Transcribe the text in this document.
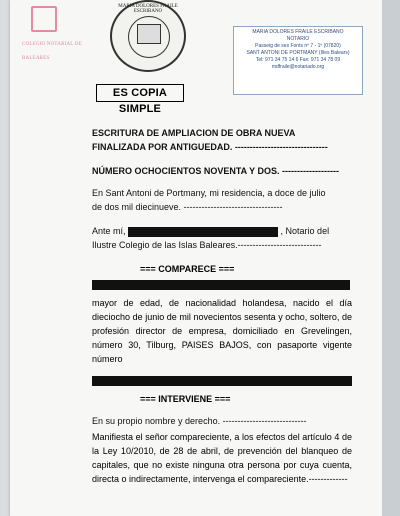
COLEGIO NOTARIAL DE BALEARES
MARIA DOLORES FRAILE ESCRIBANO
MARIA DOLORES FRAILE ESCRIBANO
NOTARIO
Passeig de ses Fonts nº 7 - 1º (07820)
SANT ANTONI DE PORTMANY (Illes Balears)
Tel: 971 34 75 14 6 Fax: 971 34 78 09
mdfraile@notariado.org
ES COPIA SIMPLE
ESCRITURA DE AMPLIACION DE OBRA NUEVA
FINALIZADA POR ANTIGUEDAD. -------------------------------
NÚMERO OCHOCIENTOS NOVENTA Y DOS. -------------------
En Sant Antoni de Portmany, mi residencia, a doce de julio
de dos mil diecinueve. ---------------------------------
Ante mí,	, Notario del
Ilustre Colegio de las Islas Baleares.----------------------------
=== COMPARECE ===
mayor de edad, de nacionalidad holandesa, nacido el día dieciocho de junio de mil novecientos sesenta y ocho, soltero, de profesión director de empresa, domiciliado en Grevelingen, número 30, Tilburg, PAISES BAJOS, con pasaporte vigente número
=== INTERVIENE ===
En su propio nombre y derecho. ----------------------------
Manifiesta el señor compareciente, a los efectos del artículo 4 de la Ley 10/2010, de 28 de abril, de prevención del blanqueo de capitales, que no existe ninguna otra persona por cuya cuenta, directa o indirectamente, intervenga el compareciente.-------------
